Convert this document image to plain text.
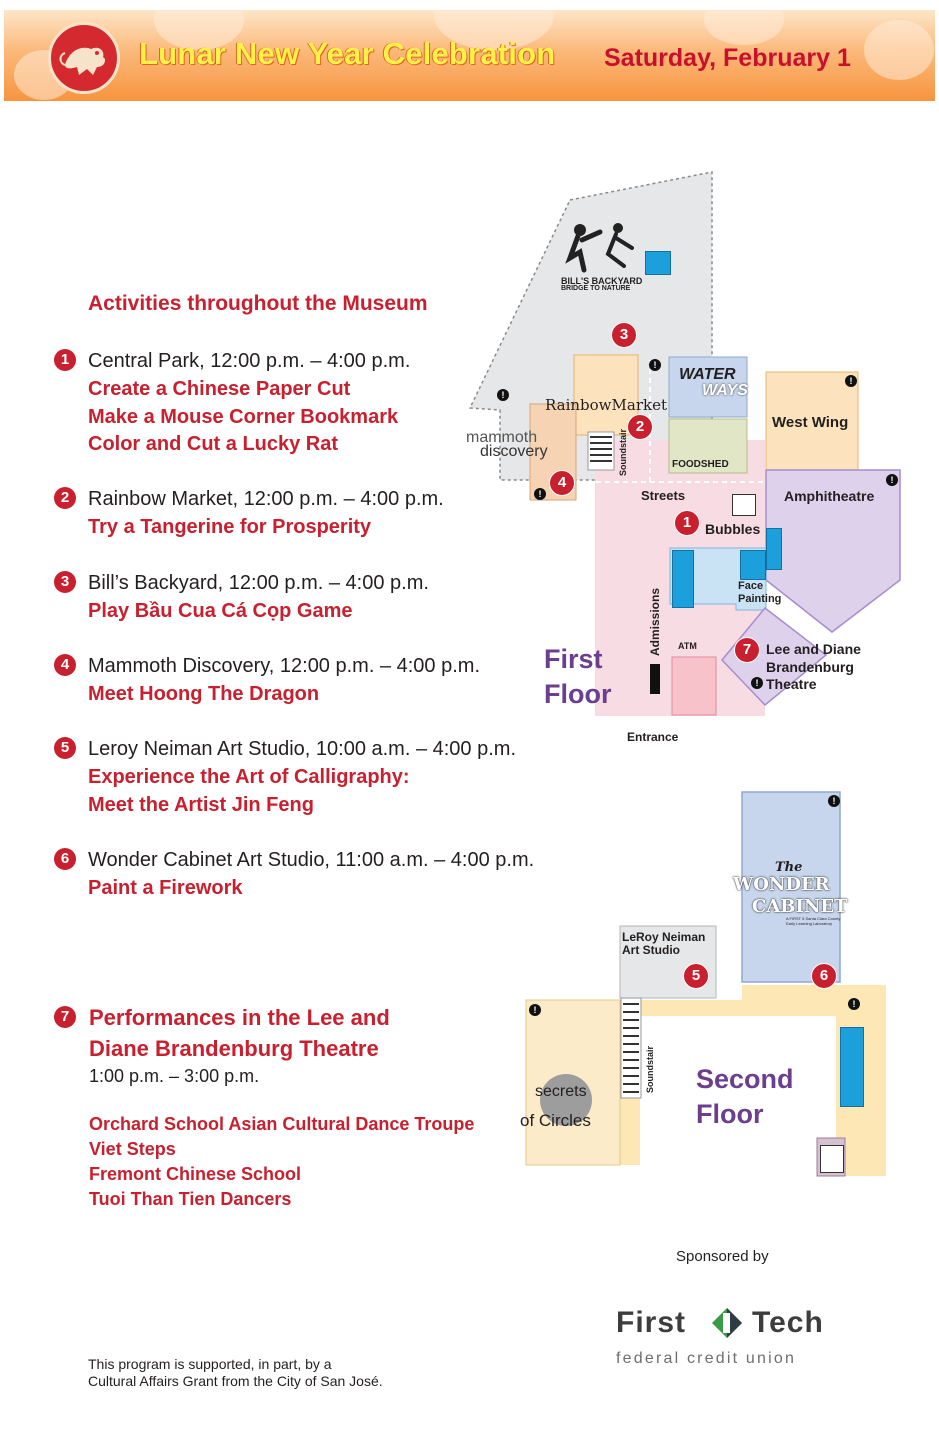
Lunar New Year Celebration Saturday, February 1
Activities throughout the Museum
1 Central Park, 12:00 p.m. – 4:00 p.m.
Create a Chinese Paper Cut
Make a Mouse Corner Bookmark
Color and Cut a Lucky Rat
2 Rainbow Market, 12:00 p.m. – 4:00 p.m.
Try a Tangerine for Prosperity
3 Bill’s Backyard, 12:00 p.m. – 4:00 p.m.
Play Bầu Cua Cá Cọp Game
4 Mammoth Discovery, 12:00 p.m. – 4:00 p.m.
Meet Hoong The Dragon
5 Leroy Neiman Art Studio, 10:00 a.m. – 4:00 p.m.
Experience the Art of Calligraphy:
Meet the Artist Jin Feng
6 Wonder Cabinet Art Studio, 11:00 a.m. – 4:00 p.m.
Paint a Firework
7 Performances in the Lee and
Diane Brandenburg Theatre
1:00 p.m. – 3:00 p.m.
Orchard School Asian Cultural Dance Troupe
Viet Steps
Fremont Chinese School
Tuoi Than Tien Dancers
BILL'S BACKYARD
BRIDGE TO NATURE
3
!
!
RainbowMarket
2
mammoth
discovery
4
!
Soundstair
WATER
WAYS
FOODSHED
!
West Wing
Streets	Amphitheatre
!
1 Bubbles
Face
Painting
Admissions ATM	7	Lee and Diane
Brandenburg
Theatre
!
First
Floor
Entrance
!
The
WONDER
CABINET
A FIRST 5 Santa Clara County Early Learning Laboratory
6
LeRoy Neiman
Art Studio
5
!
!
secrets
of Circles
Soundstair Second
Floor
Sponsored by
First Tech
federal credit union
This program is supported, in part, by a
Cultural Affairs Grant from the City of San José.
